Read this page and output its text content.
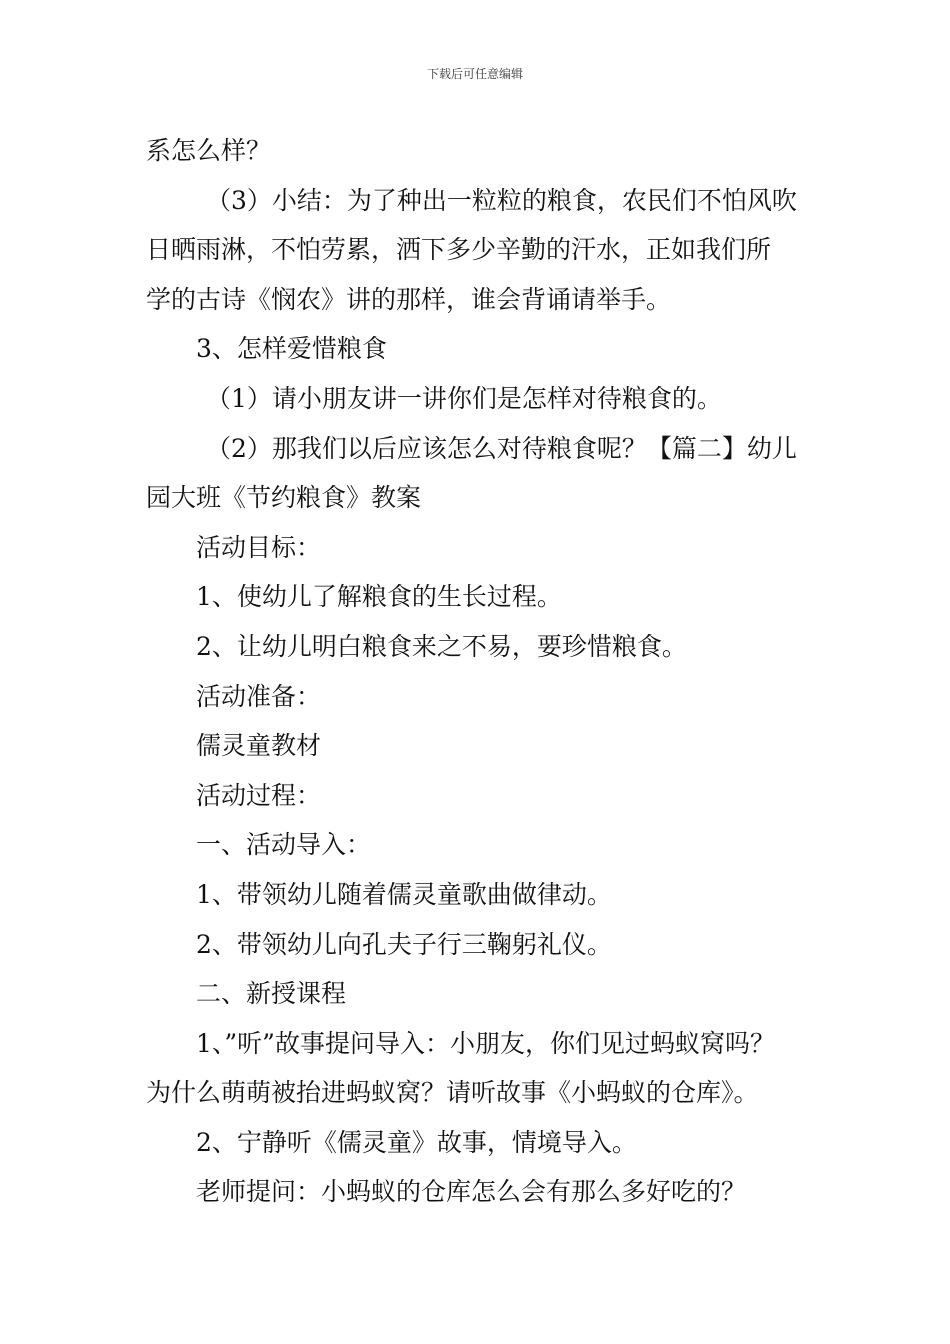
下载后可任意编辑
系怎么样？
（3）小结：为了种出一粒粒的粮食，农民们不怕风吹
日晒雨淋，不怕劳累，洒下多少辛勤的汗水，正如我们所
学的古诗《悯农》讲的那样，谁会背诵请举手。
3、怎样爱惜粮食
（1）请小朋友讲一讲你们是怎样对待粮食的。
（2）那我们以后应该怎么对待粮食呢？【篇二】幼儿
园大班《节约粮食》教案
活动目标：
1、使幼儿了解粮食的生长过程。
2、让幼儿明白粮食来之不易，要珍惜粮食。
活动准备：
儒灵童教材
活动过程：
一、活动导入：
1、带领幼儿随着儒灵童歌曲做律动。
2、带领幼儿向孔夫子行三鞠躬礼仪。
二、新授课程
1、”听”故事提问导入：小朋友，你们见过蚂蚁窝吗？
为什么萌萌被抬进蚂蚁窝？请听故事《小蚂蚁的仓库》。
2、宁静听《儒灵童》故事，情境导入。
老师提问：小蚂蚁的仓库怎么会有那么多好吃的？
